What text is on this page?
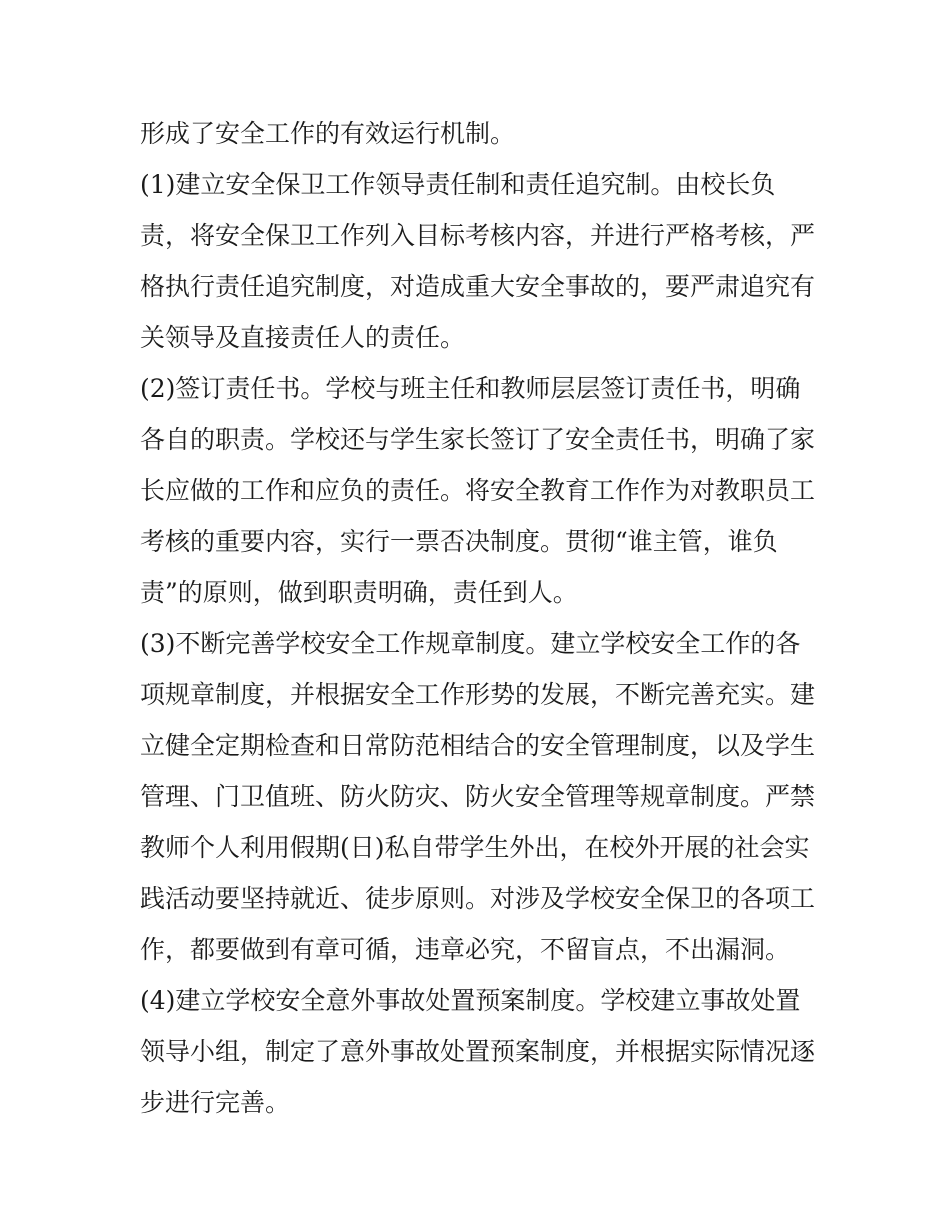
形成了安全工作的有效运行机制。
(1)建立安全保卫工作领导责任制和责任追究制。由校长负
责，将安全保卫工作列入目标考核内容，并进行严格考核，严
格执行责任追究制度，对造成重大安全事故的，要严肃追究有
关领导及直接责任人的责任。
(2)签订责任书。学校与班主任和教师层层签订责任书，明确
各自的职责。学校还与学生家长签订了安全责任书，明确了家
长应做的工作和应负的责任。将安全教育工作作为对教职员工
考核的重要内容，实行一票否决制度。贯彻“谁主管，谁负
责”的原则，做到职责明确，责任到人。
(3)不断完善学校安全工作规章制度。建立学校安全工作的各
项规章制度，并根据安全工作形势的发展，不断完善充实。建
立健全定期检查和日常防范相结合的安全管理制度，以及学生
管理、门卫值班、防火防灾、防火安全管理等规章制度。严禁
教师个人利用假期(日)私自带学生外出，在校外开展的社会实
践活动要坚持就近、徒步原则。对涉及学校安全保卫的各项工
作，都要做到有章可循，违章必究，不留盲点，不出漏洞。
(4)建立学校安全意外事故处置预案制度。学校建立事故处置
领导小组，制定了意外事故处置预案制度，并根据实际情况逐
步进行完善。
